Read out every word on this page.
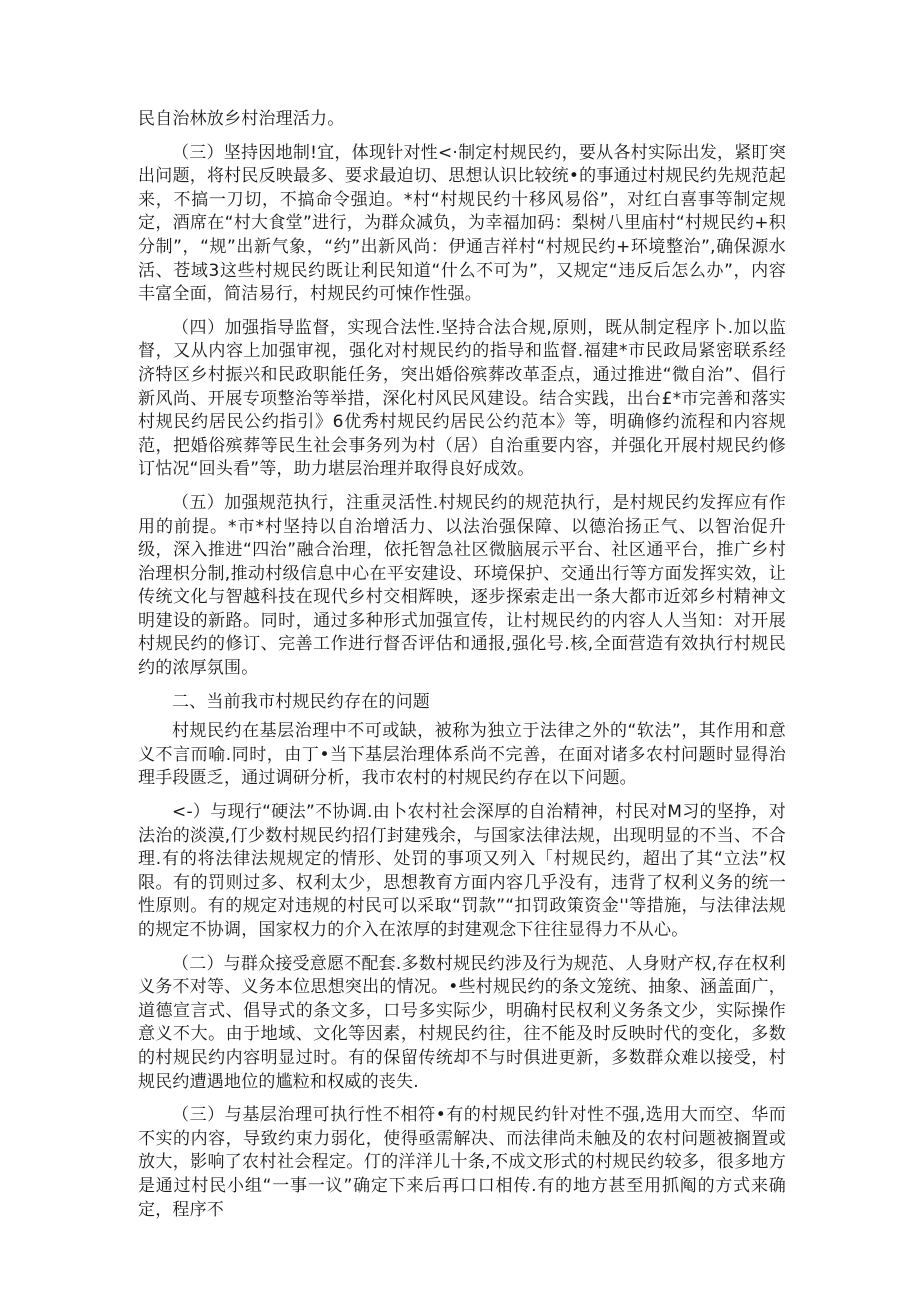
民自治林放乡村治理活力。

（三）坚持因地制!宜，体现针对性<·制定村规民约，要从各村实际出发，紧盯突出问题，将村民反映最多、要求最迫切、思想认识比较统•的事通过村规民约先规范起来，不搞一刀切，不搞命令强迫。*村“村规民约十移风易俗”，对红白喜事等制定规定，酒席在“村大食堂”进行，为群众减负，为幸福加码：梨树八里庙村“村规民约+积分制”，“规”出新气象，“约”出新风尚：伊通吉祥村“村规民约+环境整治”,确保源水活、苍域3这些村规民约既让利民知道“什么不可为”，又规定“违反后怎么办”，内容丰富全面，简洁易行，村规民约可悚作性强。

（四）加强指导监督，实现合法性.坚持合法合规,原则，既从制定程序卜.加以监督，又从内容上加强审视，强化对村规民约的指导和监督.福建*市民政局紧密联系经济特区乡村振兴和民政职能任务，突出婚俗殡葬改革歪点，通过推进“微自治”、倡行新风尚、开展专项整治等举措，深化村风民风建设。结合实践，出台£*市完善和落实村规民约居民公约指引》6优秀村规民约居民公约范本》等，明确修约流程和内容规范，把婚俗殡葬等民生社会事务列为村（居）自治重要内容，并强化开展村规民约修订怙况“回头看”等，助力堪层治理并取得良好成效。

（五）加强规范执行，注重灵活性.村规民约的规范执行，是村规民约发挥应有作用的前提。*市*村坚持以自治增活力、以法治强保障、以德治扬正气、以智治促升级，深入推进“四治”融合治理，依托智急社区微脑展示平台、社区通平台，推广乡村治理枳分制,推动村级信息中心在平安建设、环境保护、交通出行等方面发挥实效，让传统文化与智越科技在现代乡村交相辉映，逐步探索走出一条大都市近郊乡村精神文明建设的新路。同时，通过多种形式加强宣传，让村规民约的内容人人当知：对开展村规民约的修订、完善工作进行督否评估和通报,强化号.核,全面营造有效执行村规民约的浓厚氛围。

二、当前我市村规民约存在的问题

村规民约在基层治理中不可或缺，被称为独立于法律之外的“软法”，其作用和意义不言而喻.同时，由丁•当下基层治理体系尚不完善，在面对诸多农村问题时显得治理手段匮乏，通过调研分析，我市农村的村规民约存在以下问题。

<-）与现行“硬法”不协调.由卜农村社会深厚的自治精神，村民对M习的坚挣，对法治的淡漠,仃少数村规民约招仃封建残余，与国家法律法规，出现明显的不当、不合理.有的将法律法规规定的情形、处罚的事项又列入「村规民约，超出了其“立法”权限。有的罚则过多、权利太少，思想教育方面内容几乎没有，违背了权利义务的统一性原则。有的规定对违规的村民可以采取“罚款”“扣罚政策资金''等措施，与法律法规的规定不协调，国家权力的介入在浓厚的封建观念下往往显得力不从心。

（二）与群众接受意愿不配套.多数村规民约涉及行为规范、人身财产权,存在权利义务不对等、义务本位思想突出的情况。•些村规民约的条文笼统、抽象、涵盖面广，道德宣言式、倡导式的条文多，口号多实际少，明确村民权利义务条文少，实际操作意义不大。由于地域、文化等因素，村规民约往，往不能及时反映时代的变化，多数的村规民约内容明显过时。有的保留传统却不与时俱进更新，多数群众难以接受，村规民约遭遇地位的尴粒和权威的丧失.

（三）与基层治理可执行性不相符•有的村规民约针对性不强,选用大而空、华而不实的内容，导致约束力弱化，使得亟需解决、而法律尚未触及的农村问题被搁置或放大，影响了农村社会程定。仃的洋洋儿十条,不成文形式的村规民约较多，很多地方是通过村民小组“一事一议”确定下来后再口口相传.有的地方甚至用抓阄的方式来确定，程序不
